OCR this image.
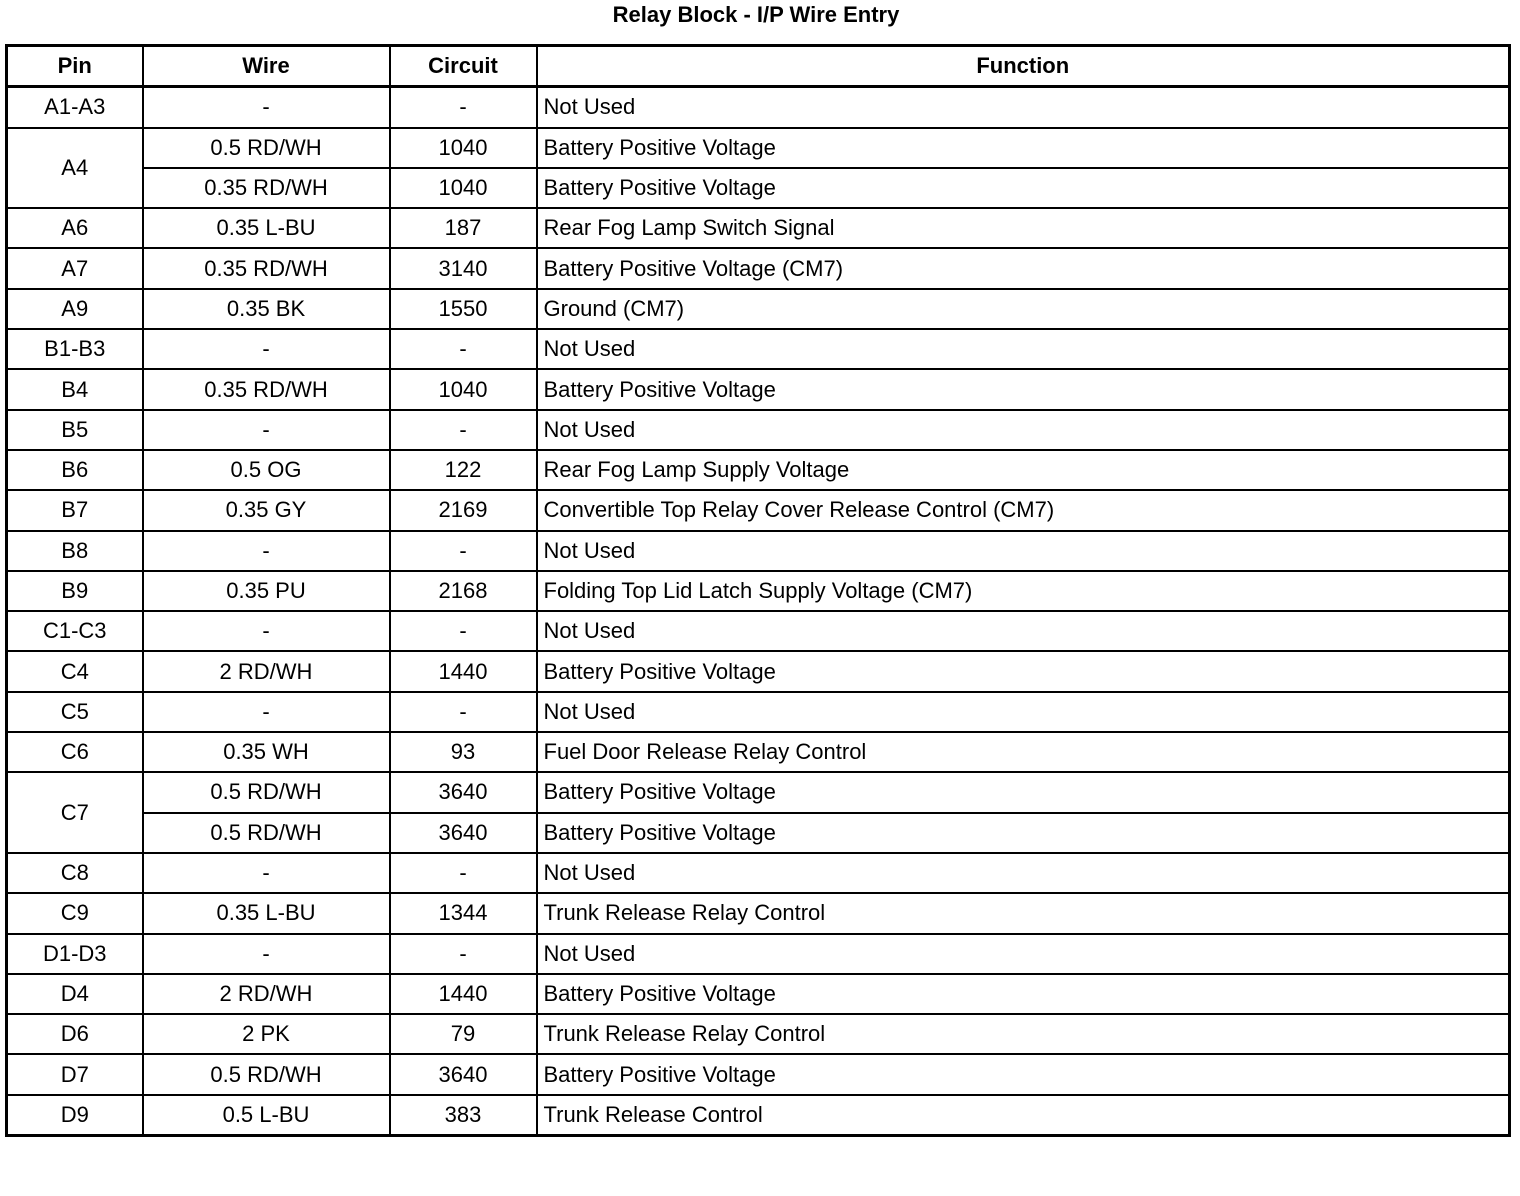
Relay Block - I/P Wire Entry
Pin	Wire	Circuit	Function
A1-A3	-	-	Not Used
A4	0.5 RD/WH	1040	Battery Positive Voltage
	0.35 RD/WH	1040	Battery Positive Voltage
A6	0.35 L-BU	187	Rear Fog Lamp Switch Signal
A7	0.35 RD/WH	3140	Battery Positive Voltage (CM7)
A9	0.35 BK	1550	Ground (CM7)
B1-B3	-	-	Not Used
B4	0.35 RD/WH	1040	Battery Positive Voltage
B5	-	-	Not Used
B6	0.5 OG	122	Rear Fog Lamp Supply Voltage
B7	0.35 GY	2169	Convertible Top Relay Cover Release Control (CM7)
B8	-	-	Not Used
B9	0.35 PU	2168	Folding Top Lid Latch Supply Voltage (CM7)
C1-C3	-	-	Not Used
C4	2 RD/WH	1440	Battery Positive Voltage
C5	-	-	Not Used
C6	0.35 WH	93	Fuel Door Release Relay Control
C7	0.5 RD/WH	3640	Battery Positive Voltage
	0.5 RD/WH	3640	Battery Positive Voltage
C8	-	-	Not Used
C9	0.35 L-BU	1344	Trunk Release Relay Control
D1-D3	-	-	Not Used
D4	2 RD/WH	1440	Battery Positive Voltage
D6	2 PK	79	Trunk Release Relay Control
D7	0.5 RD/WH	3640	Battery Positive Voltage
D9	0.5 L-BU	383	Trunk Release Control
